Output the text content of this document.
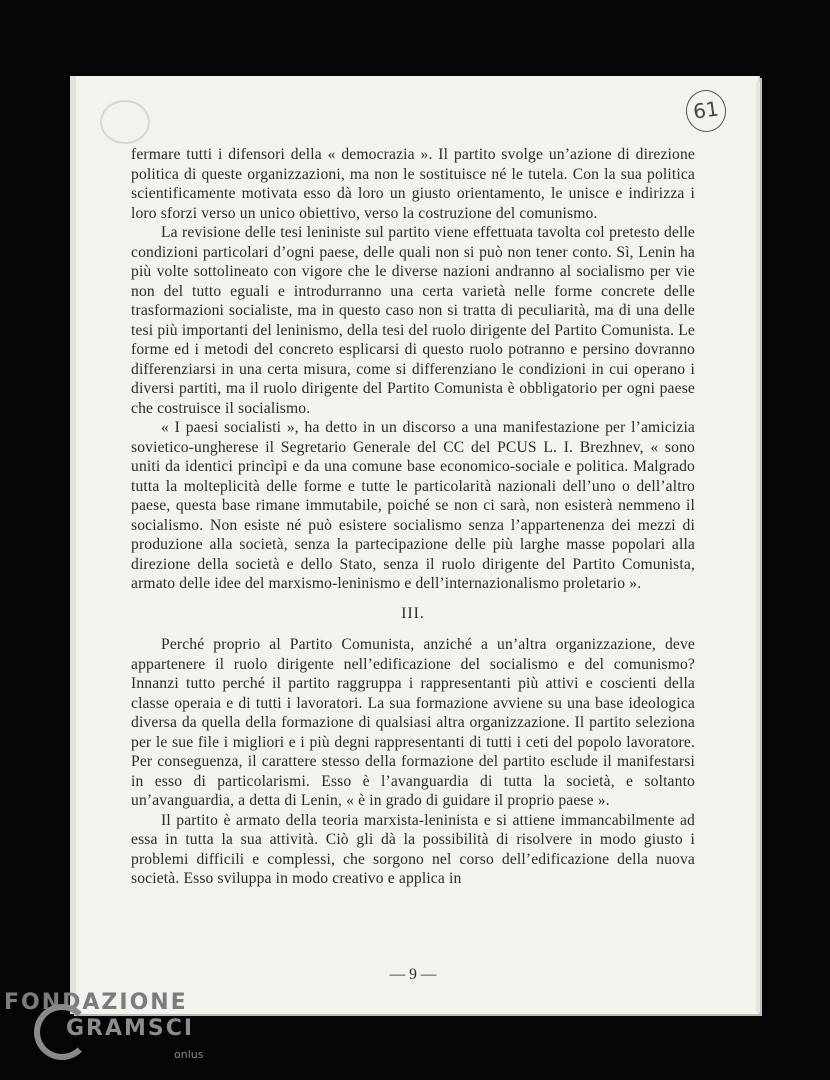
61

fermare tutti i difensori della « democrazia ». Il partito svolge un’azione di direzione politica di queste organizzazioni, ma non le sostituisce né le tutela. Con la sua politica scientificamente motivata esso dà loro un giusto orientamento, le unisce e indirizza i loro sforzi verso un unico obiettivo, verso la costruzione del comunismo.

La revisione delle tesi leniniste sul partito viene effettuata tavolta col pretesto delle condizioni particolari d’ogni paese, delle quali non si può non tener conto. Sì, Lenin ha più volte sottolineato con vigore che le diverse nazioni andranno al socialismo per vie non del tutto eguali e introdurranno una certa varietà nelle forme concrete delle trasformazioni socialiste, ma in questo caso non si tratta di peculiarità, ma di una delle tesi più importanti del leninismo, della tesi del ruolo dirigente del Partito Comunista. Le forme ed i metodi del concreto esplicarsi di questo ruolo potranno e persino dovranno differenziarsi in una certa misura, come si differenziano le condizioni in cui operano i diversi partiti, ma il ruolo dirigente del Partito Comunista è obbligatorio per ogni paese che costruisce il socialismo.

« I paesi socialisti », ha detto in un discorso a una manifestazione per l’amicizia sovietico-ungherese il Segretario Generale del CC del PCUS L. I. Brezhnev, « sono uniti da identici princìpi e da una comune base economico-sociale e politica. Malgrado tutta la molteplicità delle forme e tutte le particolarità nazionali dell’uno o dell’altro paese, questa base rimane immutabile, poiché se non ci sarà, non esisterà nemmeno il socialismo. Non esiste né può esistere socialismo senza l’appartenenza dei mezzi di produzione alla società, senza la partecipazione delle più larghe masse popolari alla direzione della società e dello Stato, senza il ruolo dirigente del Partito Comunista, armato delle idee del marxismo-leninismo e dell’internazionalismo proletario ».

III.

Perché proprio al Partito Comunista, anziché a un’altra organizzazione, deve appartenere il ruolo dirigente nell’edificazione del socialismo e del comunismo? Innanzi tutto perché il partito raggruppa i rappresentanti più attivi e coscienti della classe operaia e di tutti i lavoratori. La sua formazione avviene su una base ideologica diversa da quella della formazione di qualsiasi altra organizzazione. Il partito seleziona per le sue file i migliori e i più degni rappresentanti di tutti i ceti del popolo lavoratore. Per conseguenza, il carattere stesso della formazione del partito esclude il manifestarsi in esso di particolarismi. Esso è l’avanguardia di tutta la società, e soltanto un’avanguardia, a detta di Lenin, « è in grado di guidare il proprio paese ».

Il partito è armato della teoria marxista-leninista e si attiene immancabilmente ad essa in tutta la sua attività. Ciò gli dà la possibilità di risolvere in modo giusto i problemi difficili e complessi, che sorgono nel corso dell’edificazione della nuova società. Esso sviluppa in modo creativo e applica in

— 9 —
FONDAZIONE
GRAMSCI
onlus
